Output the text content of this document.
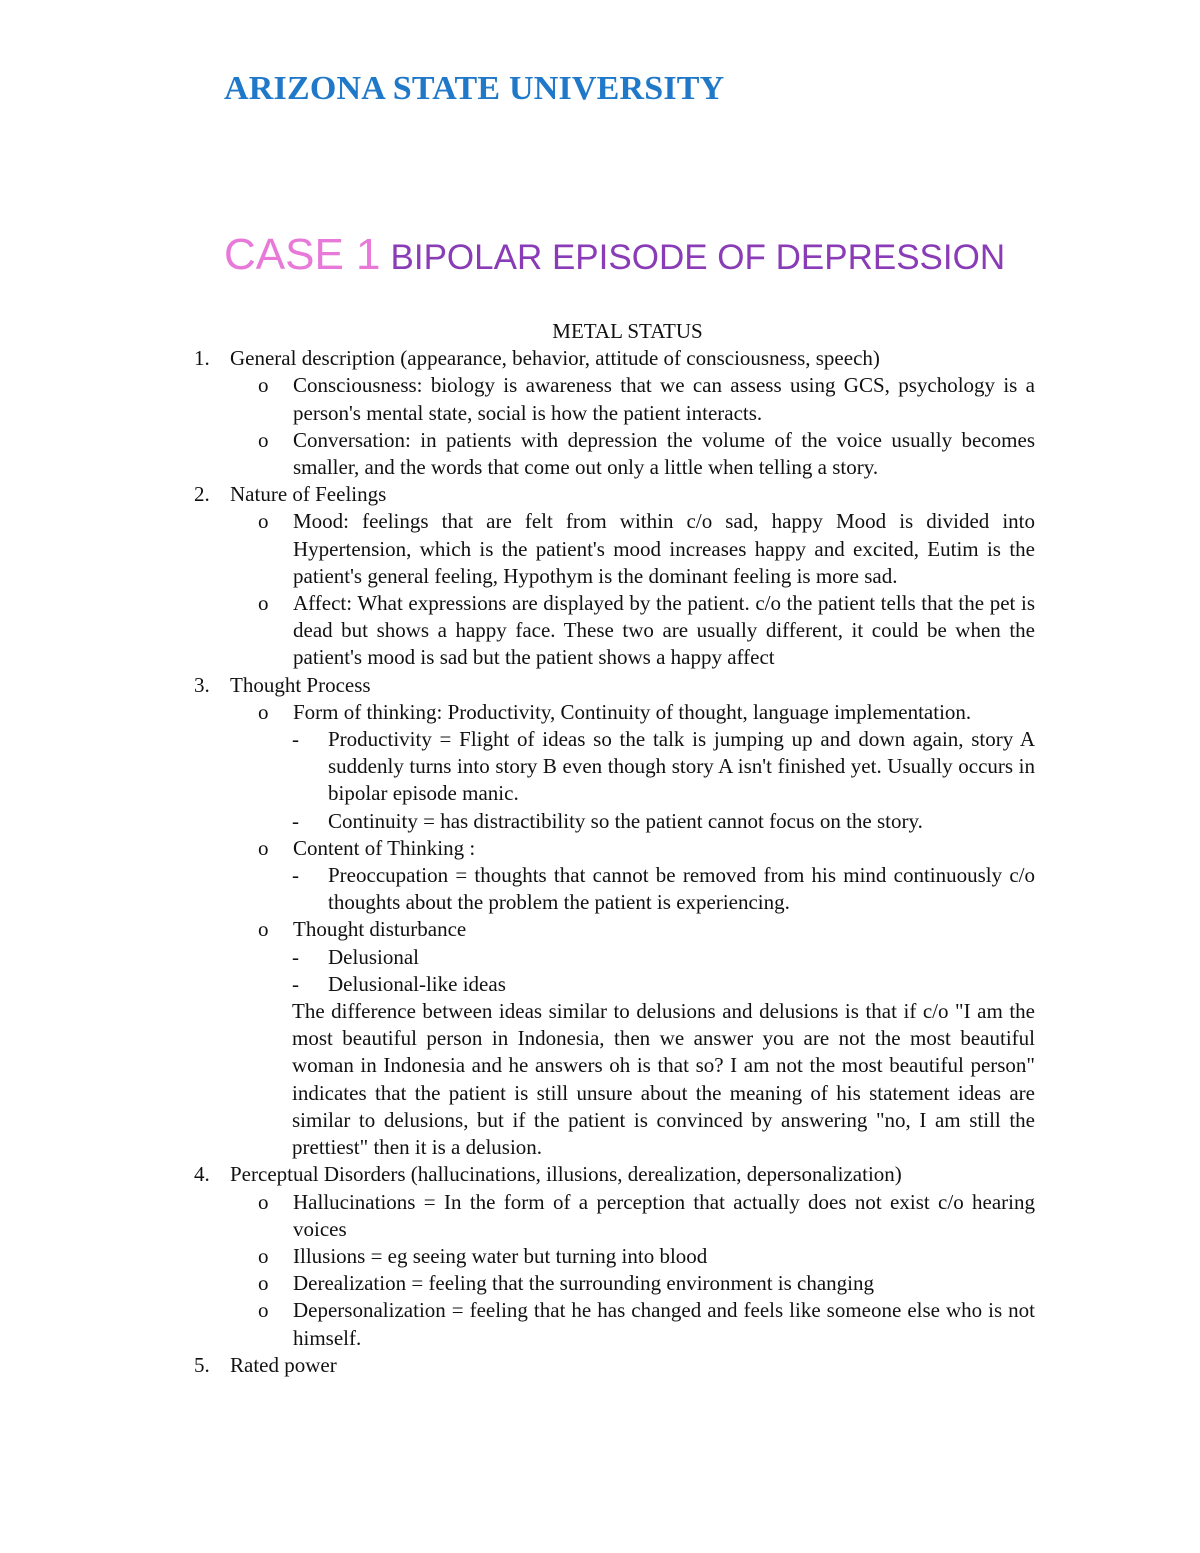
ARIZONA STATE UNIVERSITY
CASE 1 BIPOLAR EPISODE OF DEPRESSION
METAL STATUS
1. General description (appearance, behavior, attitude of consciousness, speech)
o Consciousness: biology is awareness that we can assess using GCS, psychology is a person's mental state, social is how the patient interacts.
o Conversation: in patients with depression the volume of the voice usually becomes smaller, and the words that come out only a little when telling a story.
2. Nature of Feelings
o Mood: feelings that are felt from within c/o sad, happy Mood is divided into Hypertension, which is the patient's mood increases happy and excited, Eutim is the patient's general feeling, Hypothym is the dominant feeling is more sad.
o Affect: What expressions are displayed by the patient. c/o the patient tells that the pet is dead but shows a happy face. These two are usually different, it could be when the patient's mood is sad but the patient shows a happy affect
3. Thought Process
o Form of thinking: Productivity, Continuity of thought, language implementation.
- Productivity = Flight of ideas so the talk is jumping up and down again, story A suddenly turns into story B even though story A isn't finished yet. Usually occurs in bipolar episode manic.
- Continuity = has distractibility so the patient cannot focus on the story.
o Content of Thinking :
- Preoccupation = thoughts that cannot be removed from his mind continuously c/o thoughts about the problem the patient is experiencing.
o Thought disturbance
- Delusional
- Delusional-like ideas
The difference between ideas similar to delusions and delusions is that if c/o "I am the most beautiful person in Indonesia, then we answer you are not the most beautiful woman in Indonesia and he answers oh is that so? I am not the most beautiful person" indicates that the patient is still unsure about the meaning of his statement ideas are similar to delusions, but if the patient is convinced by answering "no, I am still the prettiest" then it is a delusion.
4. Perceptual Disorders (hallucinations, illusions, derealization, depersonalization)
o Hallucinations = In the form of a perception that actually does not exist c/o hearing voices
o Illusions = eg seeing water but turning into blood
o Derealization = feeling that the surrounding environment is changing
o Depersonalization = feeling that he has changed and feels like someone else who is not himself.
5. Rated power
